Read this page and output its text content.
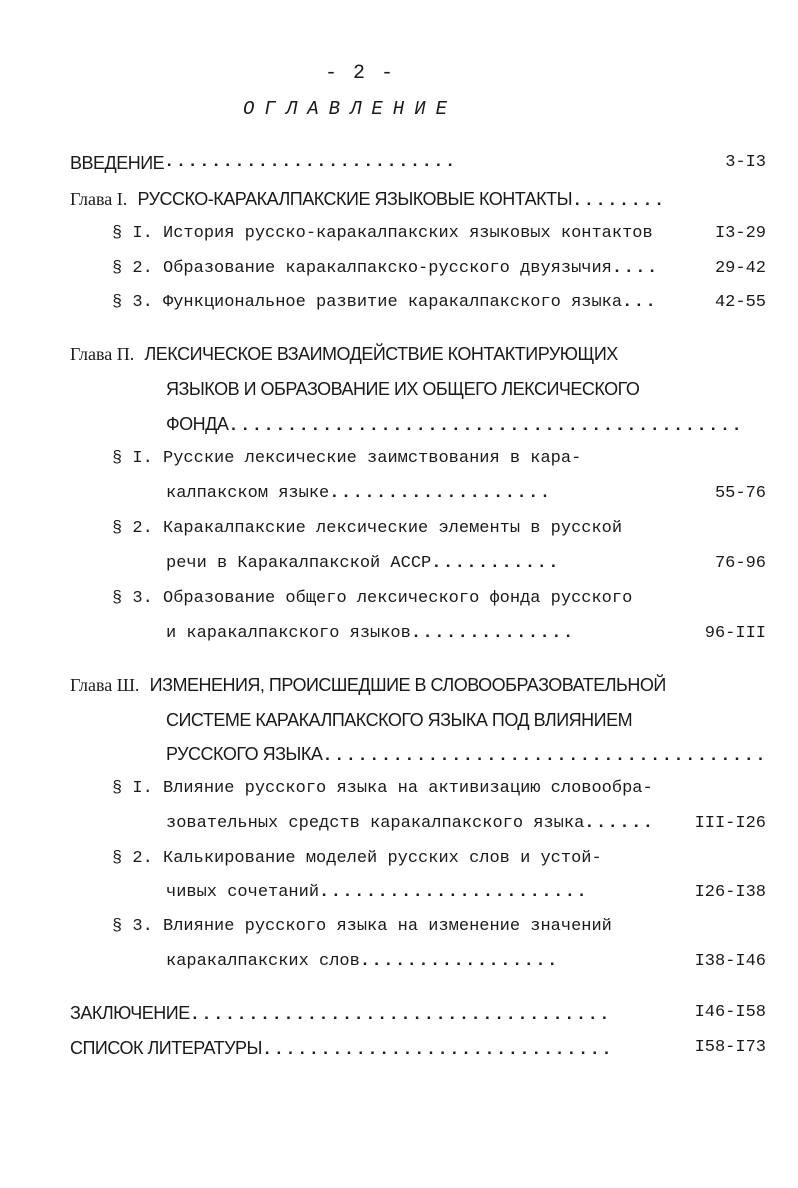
- 2 -
ОГЛАВЛЕНИЕ
ВВЕДЕНИЕ.........................	3-I3
Глава I. РУССКО-КАРАКАЛПАКСКИЕ ЯЗЫКОВЫЕ КОНТАКТЫ........
§ I. История русско-каракалпакских языковых контактов	I3-29
§ 2. Образование каракалпакско-русского двуязычия....	29-42
§ 3. Функциональное развитие каракалпакского языка...	42-55
Глава П. ЛЕКСИЧЕСКОЕ ВЗАИМОДЕЙСТВИЕ КОНТАКТИРУЮЩИХ
ЯЗЫКОВ И ОБРАЗОВАНИЕ ИХ ОБЩЕГО ЛЕКСИЧЕСКОГО
ФОНДА............................................
§ I. Русские лексические заимствования в кара-
калпакском языке...................	55-76
§ 2. Каракалпакские лексические элементы в русской
речи в Каракалпакской АССР...........	76-96
§ 3. Образование общего лексического фонда русского
и каракалпакского языков..............	96-III
Глава Ш. ИЗМЕНЕНИЯ, ПРОИСШЕДШИЕ В СЛОВООБРАЗОВАТЕЛЬНОЙ
СИСТЕМЕ КАРАКАЛПАКСКОГО ЯЗЫКА ПОД ВЛИЯНИЕМ
РУССКОГО ЯЗЫКА......................................
§ I. Влияние русского языка на активизацию словообра-
зовательных средств каракалпакского языка...... III-I26
§ 2. Калькирование моделей русских слов и устой-
чивых сочетаний.......................	I26-I38
§ 3. Влияние русского языка на изменение значений
каракалпакских слов.................	I38-I46
ЗАКЛЮЧЕНИЕ....................................	I46-I58
СПИСОК ЛИТЕРАТУРЫ..............................	I58-I73
